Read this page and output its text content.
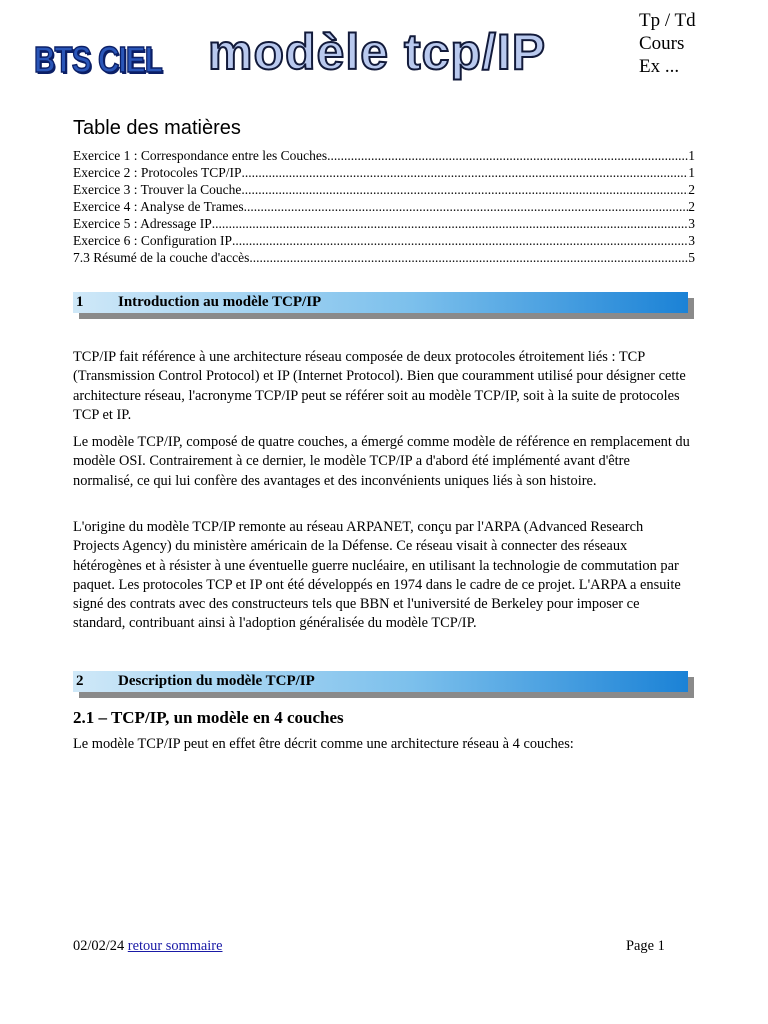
BTS CIEL modèle tcp/IP
Tp / Td
Cours
Ex ...
Table des matières
Exercice 1 : Correspondance entre les Couches .....	1
Exercice 2 : Protocoles TCP/IP .....	1
Exercice 3 : Trouver la Couche .....	2
Exercice 4 : Analyse de Trames .....	2
Exercice 5 : Adressage IP .....	3
Exercice 6 : Configuration IP .....	3
7.3 Résumé de la couche d'accès .....	5
1 Introduction au modèle TCP/IP

TCP/IP fait référence à une architecture réseau composée de deux protocoles étroitement liés : TCP (Transmission Control Protocol) et IP (Internet Protocol). Bien que couramment utilisé pour désigner cette architecture réseau, l'acronyme TCP/IP peut se référer soit au modèle TCP/IP, soit à la suite de protocoles TCP et IP.

Le modèle TCP/IP, composé de quatre couches, a émergé comme modèle de référence en remplacement du modèle OSI. Contrairement à ce dernier, le modèle TCP/IP a d'abord été implémenté avant d'être normalisé, ce qui lui confère des avantages et des inconvénients uniques liés à son histoire.

L'origine du modèle TCP/IP remonte au réseau ARPANET, conçu par l'ARPA (Advanced Research Projects Agency) du ministère américain de la Défense. Ce réseau visait à connecter des réseaux hétérogènes et à résister à une éventuelle guerre nucléaire, en utilisant la technologie de commutation par paquet. Les protocoles TCP et IP ont été développés en 1974 dans le cadre de ce projet. L'ARPA a ensuite signé des contrats avec des constructeurs tels que BBN et l'université de Berkeley pour imposer ce standard, contribuant ainsi à l'adoption généralisée du modèle TCP/IP.

2 Description du modèle TCP/IP
2.1 – TCP/IP, un modèle en 4 couches

Le modèle TCP/IP peut en effet être décrit comme une architecture réseau à 4 couches:

02/02/24 retour sommaire	Page 1
